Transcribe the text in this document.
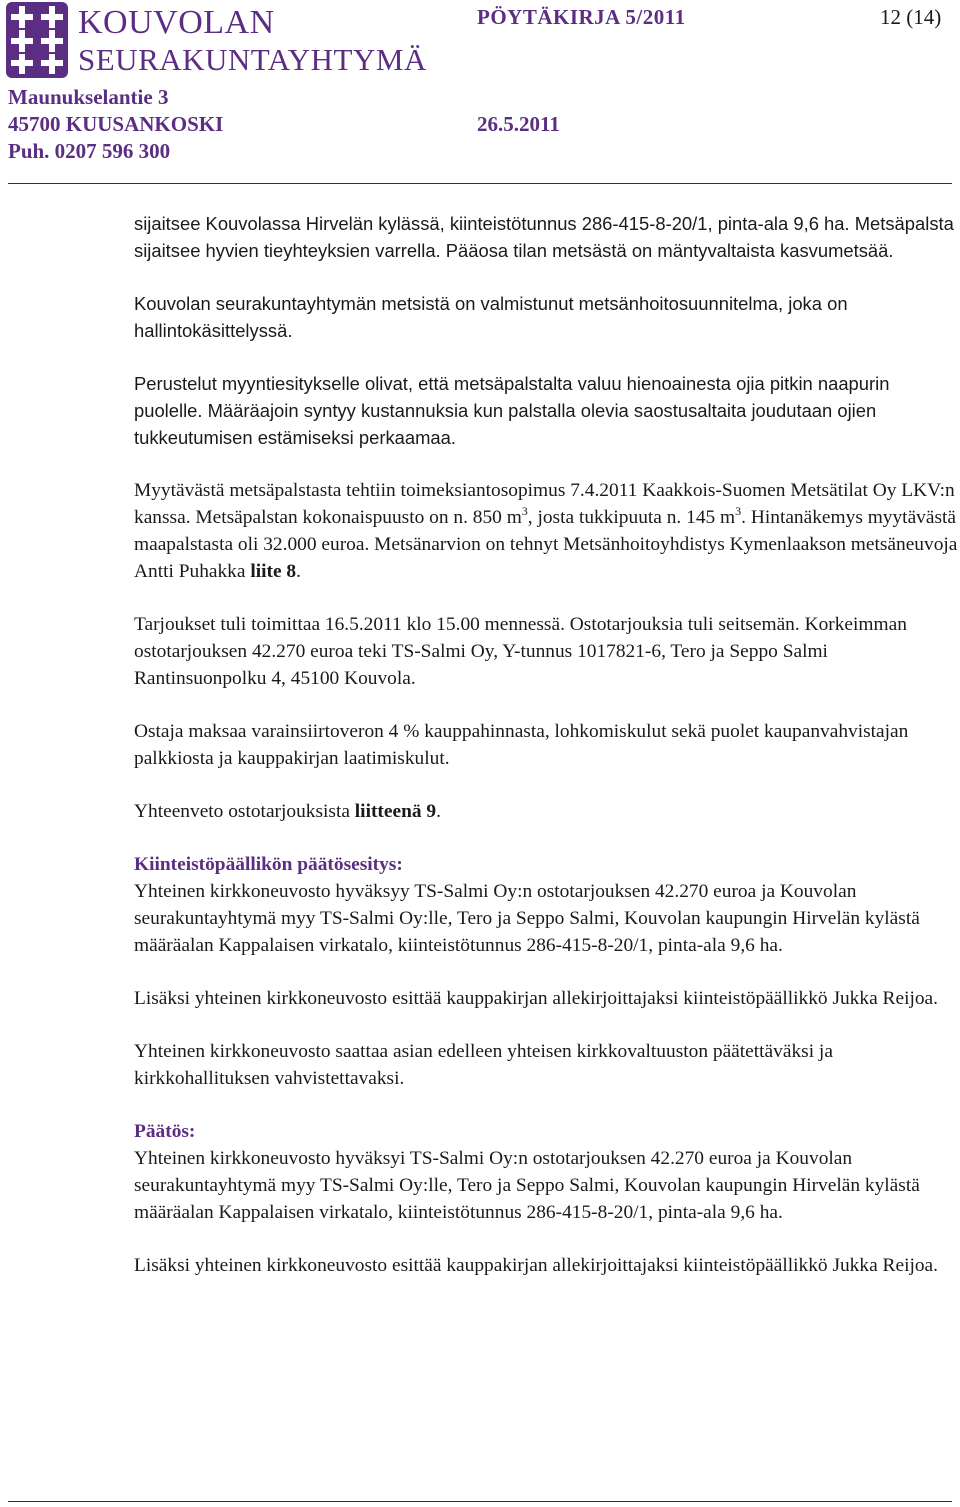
KOUVOLAN
SEURAKUNTAYHTYMÄ
PÖYTÄKIRJA 5/2011	12 (14)
Maunukselantie 3
45700 KUUSANKOSKI	26.5.2011
Puh. 0207 596 300

sijaitsee Kouvolassa Hirvelän kylässä, kiinteistötunnus 286-415-8-20/1, pinta-ala 9,6 ha. Metsäpalsta sijaitsee hyvien tieyhteyksien varrella. Pääosa tilan metsästä on mäntyvaltaista kasvumetsää.

Kouvolan seurakuntayhtymän metsistä on valmistunut metsänhoitosuunnitelma, joka on hallintokäsittelyssä.

Perustelut myyntiesitykselle olivat, että metsäpalstalta valuu hienoainesta ojia pitkin naapurin puolelle. Määräajoin syntyy kustannuksia kun palstalla olevia saostusaltaita joudutaan ojien tukkeutumisen estämiseksi perkaamaa.

Myytävästä metsäpalstasta tehtiin toimeksiantosopimus 7.4.2011 Kaakkois-Suomen Metsätilat Oy LKV:n kanssa. Metsäpalstan kokonaispuusto on n. 850 $m^3$, josta tukkipuuta n. 145 $m^3$. Hintanäkemys myytävästä maapalstasta oli 32.000 euroa. Metsänarvion on tehnyt Metsänhoitoyhdistys Kymenlaakson metsäneuvoja Antti Puhakka liite 8.

Tarjoukset tuli toimittaa 16.5.2011 klo 15.00 mennessä. Ostotarjouksia tuli seitsemän. Korkeimman ostotarjouksen 42.270 euroa teki TS-Salmi Oy, Y-tunnus 1017821-6, Tero ja Seppo Salmi Rantinsuonpolku 4, 45100 Kouvola.

Ostaja maksaa varainsiirtoveron 4 % kauppahinnasta, lohkomiskulut sekä puolet kaupanvahvistajan palkkiosta ja kauppakirjan laatimiskulut.

Yhteenveto ostotarjouksista liitteenä 9.

Kiinteistöpäällikön päätösesitys:
Yhteinen kirkkoneuvosto hyväksyy TS-Salmi Oy:n ostotarjouksen 42.270 euroa ja Kouvolan seurakuntayhtymä myy TS-Salmi Oy:lle, Tero ja Seppo Salmi, Kouvolan kaupungin Hirvelän kylästä määräalan Kappalaisen virkatalo, kiinteistötunnus 286-415-8-20/1, pinta-ala 9,6 ha.

Lisäksi yhteinen kirkkoneuvosto esittää kauppakirjan allekirjoittajaksi kiinteistöpäällikkö Jukka Reijoa.

Yhteinen kirkkoneuvosto saattaa asian edelleen yhteisen kirkkovaltuuston päätettäväksi ja kirkkohallituksen vahvistettavaksi.

Päätös:
Yhteinen kirkkoneuvosto hyväksyi TS-Salmi Oy:n ostotarjouksen 42.270 euroa ja Kouvolan seurakuntayhtymä myy TS-Salmi Oy:lle, Tero ja Seppo Salmi, Kouvolan kaupungin Hirvelän kylästä määräalan Kappalaisen virkatalo, kiinteistötunnus 286-415-8-20/1, pinta-ala 9,6 ha.

Lisäksi yhteinen kirkkoneuvosto esittää kauppakirjan allekirjoittajaksi kiinteistöpäällikkö Jukka Reijoa.
